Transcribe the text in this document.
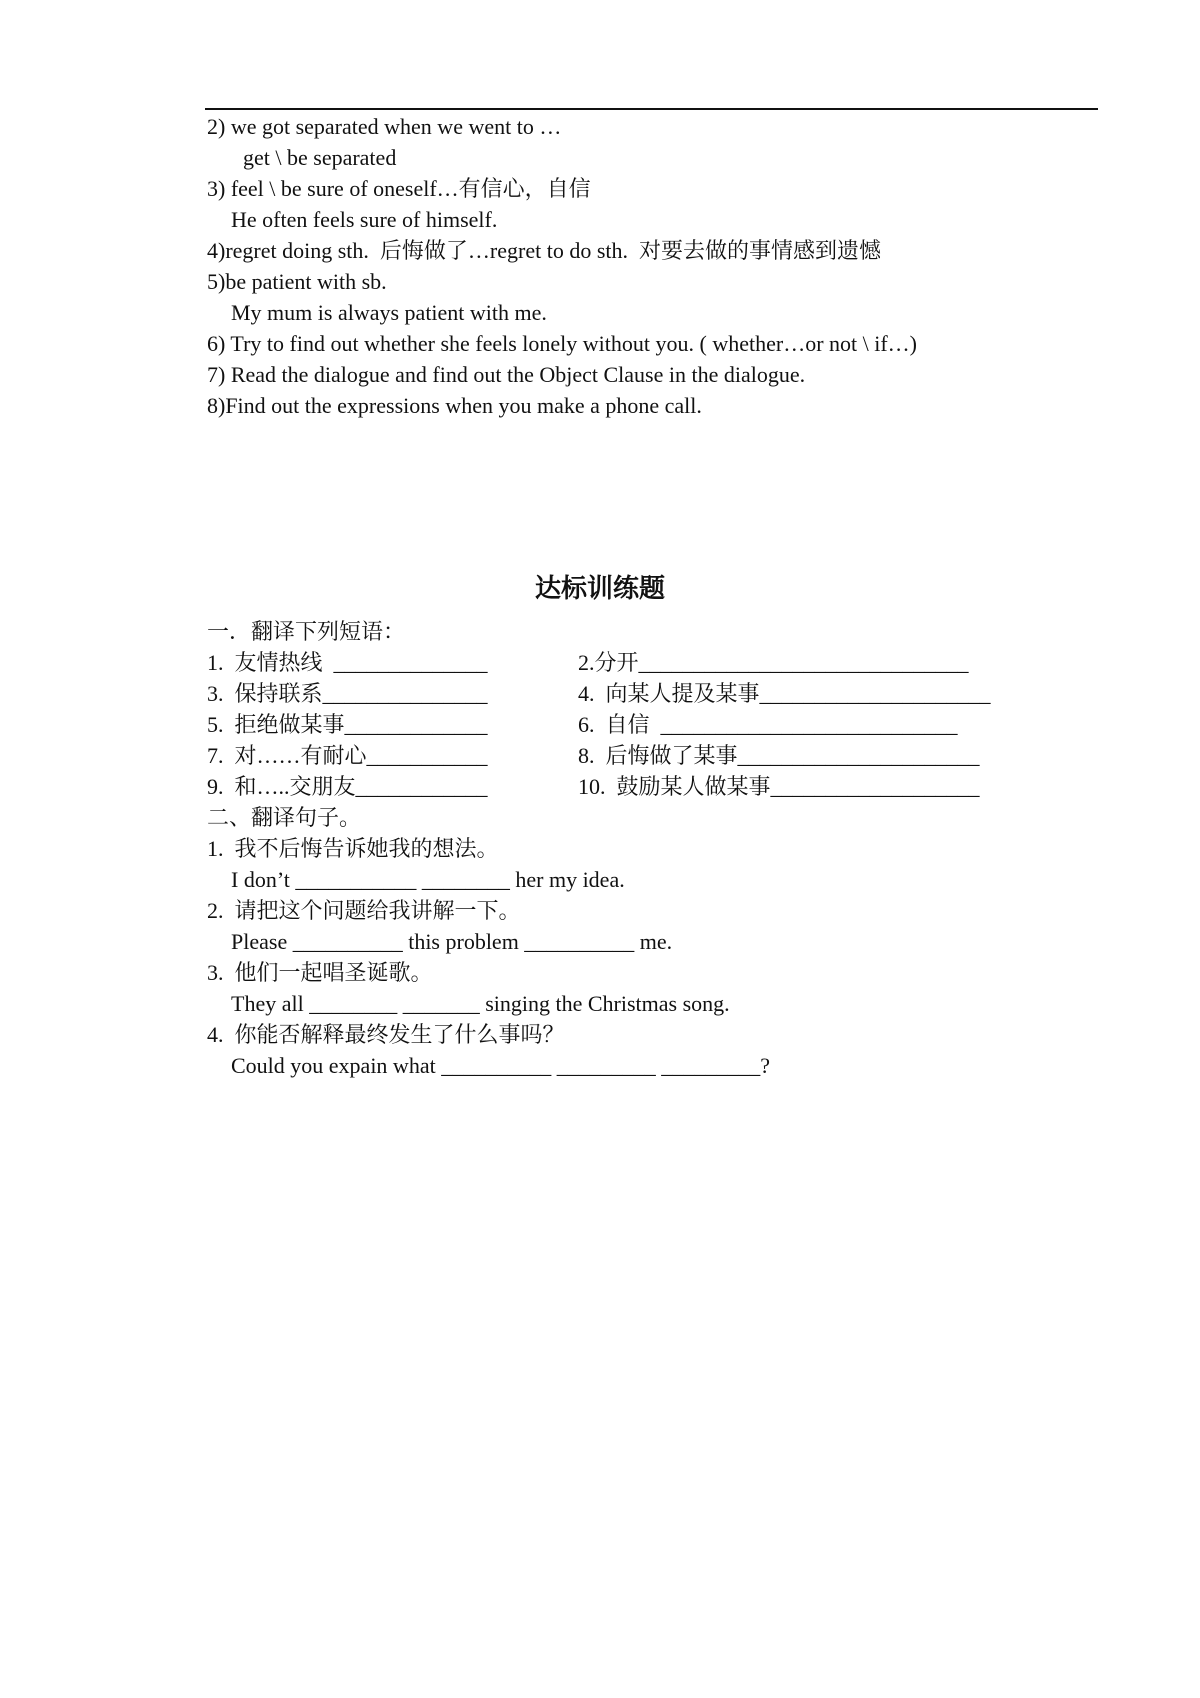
2) we got separated when we went to …
get \ be separated
3) feel \ be sure of oneself…有信心，自信
He often feels sure of himself.
4)regret doing sth.  后悔做了…regret to do sth.  对要去做的事情感到遗憾
5)be patient with sb.
My mum is always patient with me.
6) Try to find out whether she feels lonely without you. ( whether…or not \ if…)
7) Read the dialogue and find out the Object Clause in the dialogue.
8)Find out the expressions when you make a phone call.
达标训练题
一．翻译下列短语：
1.  友情热线  ______________	2.分开______________________________
3.  保持联系_______________	4.  向某人提及某事_____________________
5.  拒绝做某事_____________	6.  自信  ___________________________
7.  对……有耐心___________	8.  后悔做了某事______________________
9.  和…..交朋友____________	10.  鼓励某人做某事___________________
二、翻译句子。
1.  我不后悔告诉她我的想法。
I don’t ___________ ________ her my idea.
2.  请把这个问题给我讲解一下。
Please __________ this problem __________ me.
3.  他们一起唱圣诞歌。
They all ________ _______ singing the Christmas song.
4.  你能否解释最终发生了什么事吗？
Could you expain what __________ _________ _________?
